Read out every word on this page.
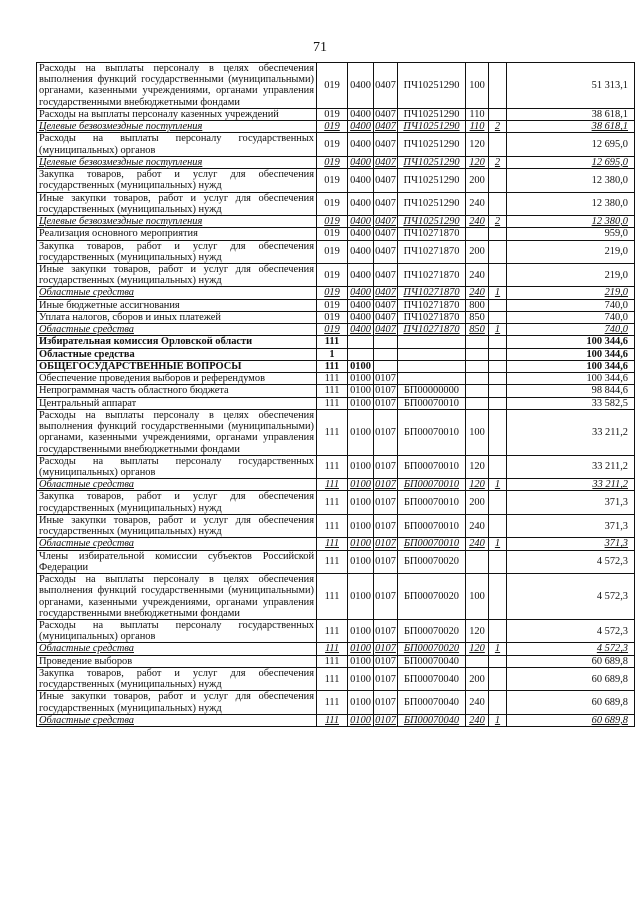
71
Расходы на выплаты персоналу в целях обеспечения выполнения функций государственными (муниципальными) органами, казенными учреждениями, органами управления государственными внебюджетными фондами	019	0400	0407	ПЧ10251290	100		51 313,1
Расходы на выплаты персоналу казенных учреждений	019	0400	0407	ПЧ10251290	110		38 618,1
Целевые безвозмездные поступления	019	0400	0407	ПЧ10251290	110	2	38 618,1
Расходы на выплаты персоналу государственных (муниципальных) органов	019	0400	0407	ПЧ10251290	120		12 695,0
Целевые безвозмездные поступления	019	0400	0407	ПЧ10251290	120	2	12 695,0
Закупка товаров, работ и услуг для обеспечения государственных (муниципальных) нужд	019	0400	0407	ПЧ10251290	200		12 380,0
Иные закупки товаров, работ и услуг для обеспечения государственных (муниципальных) нужд	019	0400	0407	ПЧ10251290	240		12 380,0
Целевые безвозмездные поступления	019	0400	0407	ПЧ10251290	240	2	12 380,0
Реализация основного мероприятия	019	0400	0407	ПЧ10271870			959,0
Закупка товаров, работ и услуг для обеспечения государственных (муниципальных) нужд	019	0400	0407	ПЧ10271870	200		219,0
Иные закупки товаров, работ и услуг для обеспечения государственных (муниципальных) нужд	019	0400	0407	ПЧ10271870	240		219,0
Областные средства	019	0400	0407	ПЧ10271870	240	1	219,0
Иные бюджетные ассигнования	019	0400	0407	ПЧ10271870	800		740,0
Уплата налогов, сборов и иных платежей	019	0400	0407	ПЧ10271870	850		740,0
Областные средства	019	0400	0407	ПЧ10271870	850	1	740,0
Избирательная комиссия Орловской области	111						100 344,6
Областные средства	1						100 344,6
ОБЩЕГОСУДАРСТВЕННЫЕ ВОПРОСЫ	111	0100					100 344,6
Обеспечение проведения выборов и референдумов	111	0100	0107				100 344,6
Непрограммная часть областного бюджета	111	0100	0107	БП00000000			98 844,6
Центральный аппарат	111	0100	0107	БП00070010			33 582,5
Расходы на выплаты персоналу в целях обеспечения выполнения функций государственными (муниципальными) органами, казенными учреждениями, органами управления государственными внебюджетными фондами	111	0100	0107	БП00070010	100		33 211,2
Расходы на выплаты персоналу государственных (муниципальных) органов	111	0100	0107	БП00070010	120		33 211,2
Областные средства	111	0100	0107	БП00070010	120	1	33 211,2
Закупка товаров, работ и услуг для обеспечения государственных (муниципальных) нужд	111	0100	0107	БП00070010	200		371,3
Иные закупки товаров, работ и услуг для обеспечения государственных (муниципальных) нужд	111	0100	0107	БП00070010	240		371,3
Областные средства	111	0100	0107	БП00070010	240	1	371,3
Члены избирательной комиссии субъектов Российской Федерации	111	0100	0107	БП00070020			4 572,3
Расходы на выплаты персоналу в целях обеспечения выполнения функций государственными (муниципальными) органами, казенными учреждениями, органами управления государственными внебюджетными фондами	111	0100	0107	БП00070020	100		4 572,3
Расходы на выплаты персоналу государственных (муниципальных) органов	111	0100	0107	БП00070020	120		4 572,3
Областные средства	111	0100	0107	БП00070020	120	1	4 572,3
Проведение выборов	111	0100	0107	БП00070040			60 689,8
Закупка товаров, работ и услуг для обеспечения государственных (муниципальных) нужд	111	0100	0107	БП00070040	200		60 689,8
Иные закупки товаров, работ и услуг для обеспечения государственных (муниципальных) нужд	111	0100	0107	БП00070040	240		60 689,8
Областные средства	111	0100	0107	БП00070040	240	1	60 689,8
